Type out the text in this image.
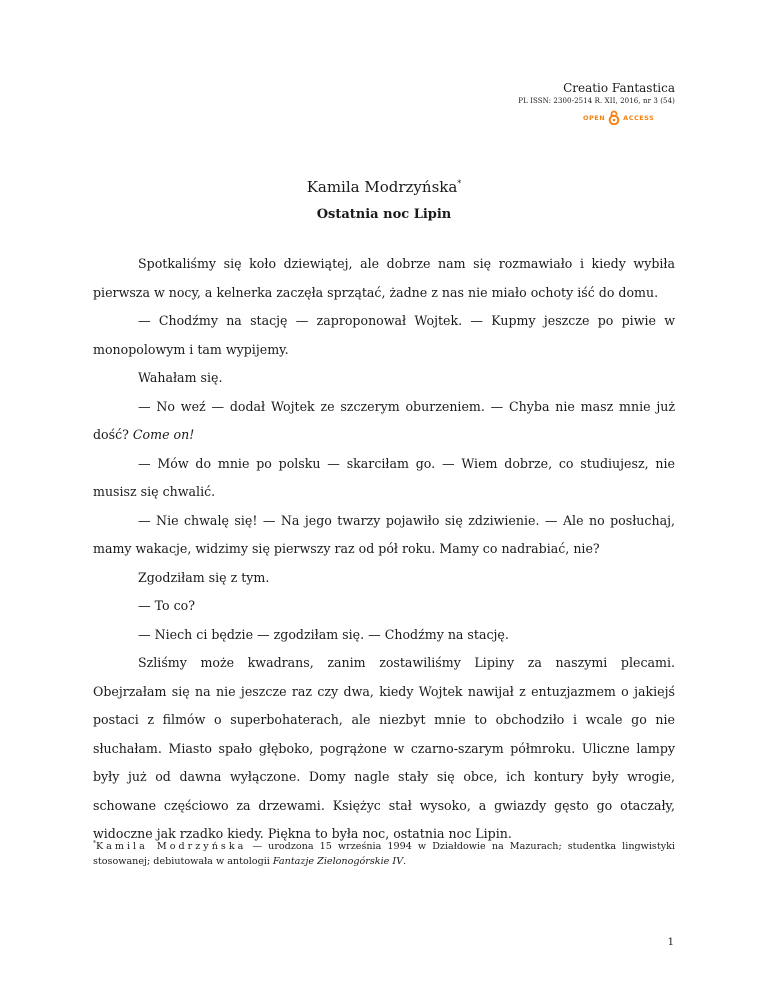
Creatio Fantastica
PL ISSN: 2300-2514 R. XII, 2016, nr 3 (54)
OPEN	ACCESS
Kamila Modrzyńska*
Ostatnia noc Lipin

Spotkaliśmy się koło dziewiątej, ale dobrze nam się rozmawiało i kiedy wybiła pierwsza w nocy, a kelnerka zaczęła sprzątać, żadne z nas nie miało ochoty iść do domu.

— Chodźmy na stację — zaproponował Wojtek. — Kupmy jeszcze po piwie w monopolowym i tam wypijemy.

Wahałam się.

— No weź — dodał Wojtek ze szczerym oburzeniem. — Chyba nie masz mnie już dość? Come on!

— Mów do mnie po polsku — skarciłam go. — Wiem dobrze, co studiujesz, nie musisz się chwalić.

— Nie chwalę się! — Na jego twarzy pojawiło się zdziwienie. — Ale no posłuchaj, mamy wakacje, widzimy się pierwszy raz od pół roku. Mamy co nadrabiać, nie?

Zgodziłam się z tym.

— To co?

— Niech ci będzie — zgodziłam się. — Chodźmy na stację.

Szliśmy może kwadrans, zanim zostawiliśmy Lipiny za naszymi plecami. Obejrzałam się na nie jeszcze raz czy dwa, kiedy Wojtek nawijał z entuzjazmem o jakiejś postaci z filmów o superbohaterach, ale niezbyt mnie to obchodziło i wcale go nie słuchałam. Miasto spało głęboko, pogrążone w czarno-szarym półmroku. Uliczne lampy były już od dawna wyłączone. Domy nagle stały się obce, ich kontury były wrogie, schowane częściowo za drzewami. Księżyc stał wysoko, a gwiazdy gęsto go otaczały, widoczne jak rzadko kiedy. Piękna to była noc, ostatnia noc Lipin.

*Kamila Modrzyńska — urodzona 15 września 1994 w Działdowie na Mazurach; studentka lingwistyki stosowanej; debiutowała w antologii Fantazje Zielonogórskie IV.
1
